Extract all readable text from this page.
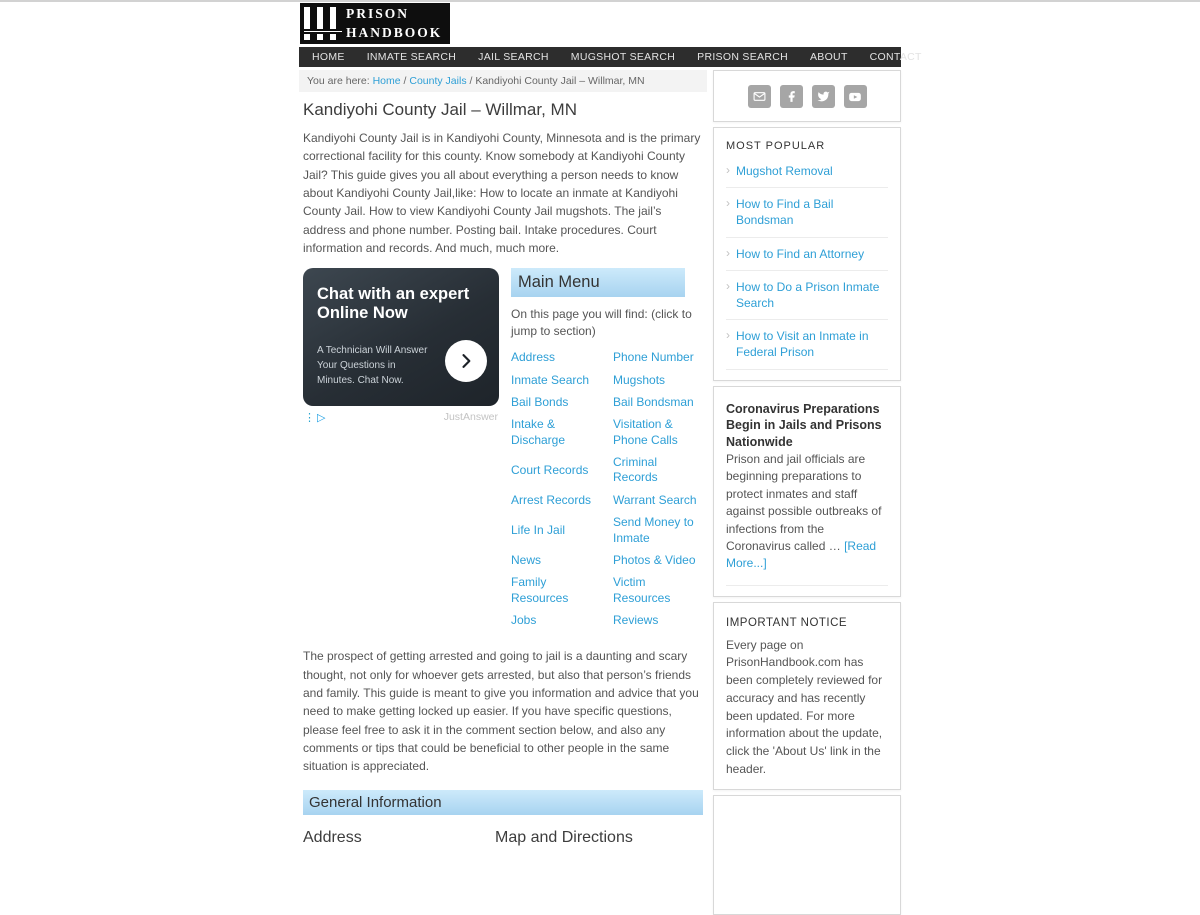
PRISON
HANDBOOK
HOME	INMATE SEARCH	JAIL SEARCH	MUGSHOT SEARCH	PRISON SEARCH	ABOUT	CONTACT
You are here: Home / County Jails / Kandiyohi County Jail – Willmar, MN
Kandiyohi County Jail – Willmar, MN

Kandiyohi County Jail is in Kandiyohi County, Minnesota and is the primary correctional facility for this county. Know somebody at Kandiyohi County Jail? This guide gives you all about everything a person needs to know about Kandiyohi County Jail,like: How to locate an inmate at Kandiyohi County Jail. How to view Kandiyohi County Jail mugshots. The jail’s address and phone number. Posting bail. Intake procedures. Court information and records. And much, much more.

Chat with an expert Online Now
A Technician Will Answer Your Questions in Minutes. Chat Now.
⋮▷	JustAnswer
Main Menu
On this page you will find: (click to jump to section)
Address	Phone Number
Inmate Search	Mugshots
Bail Bonds	Bail Bondsman
Intake & Discharge
Visitation & Phone Calls
Court Records
Criminal Records
Arrest Records	Warrant Search
Life In Jail
Send Money to Inmate
News	Photos & Video
Family Resources
Victim Resources
Jobs	Reviews

The prospect of getting arrested and going to jail is a daunting and scary thought, not only for whoever gets arrested, but also that person’s friends and family. This guide is meant to give you information and advice that you need to make getting locked up easier. If you have specific questions, please feel free to ask it in the comment section below, and also any comments or tips that could be beneficial to other people in the same situation is appreciated.

General Information
Address	Map and Directions
MOST POPULAR
› Mugshot Removal
› How to Find a Bail Bondsman
› How to Find an Attorney
› How to Do a Prison Inmate Search
› How to Visit an Inmate in Federal Prison
Coronavirus Preparations Begin in Jails and Prisons Nationwide
Prison and jail officials are beginning preparations to protect inmates and staff against possible outbreaks of infections from the Coronavirus called … [Read More...]
IMPORTANT NOTICE
Every page on PrisonHandbook.com has been completely reviewed for accuracy and has recently been updated. For more information about the update, click the 'About Us' link in the header.
